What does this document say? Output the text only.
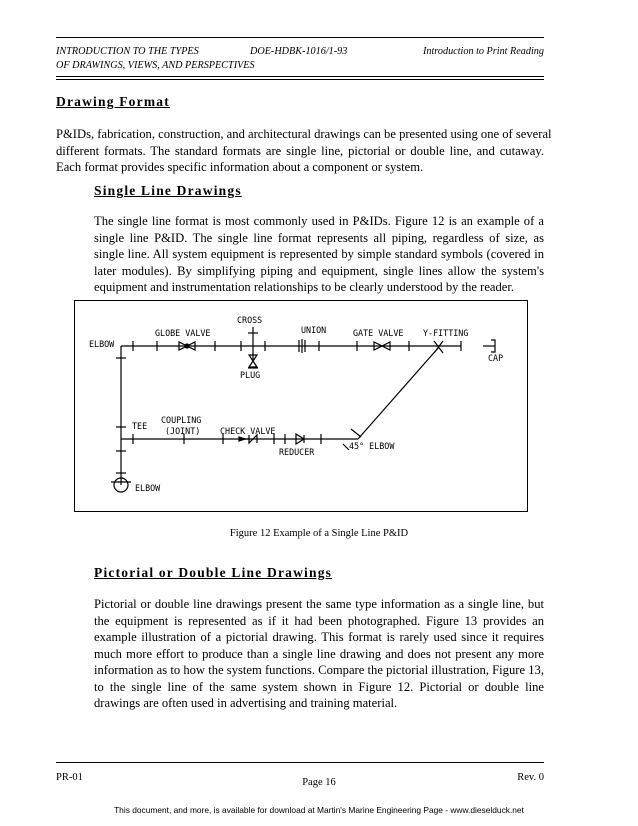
INTRODUCTION TO THE TYPES
OF DRAWINGS, VIEWS, AND PERSPECTIVES
DOE-HDBK-1016/1-93	Introduction to Print Reading
Drawing Format
P&IDs, fabrication, construction, and architectural drawings can be presented using one of several
different formats. The standard formats are single line, pictorial or double line, and cutaway.
Each format provides specific information about a component or system.
Single Line Drawings
The single line format is most commonly used in P&IDs. Figure 12 is an example of a
single line P&ID. The single line format represents all piping, regardless of size, as
single line. All system equipment is represented by simple standard symbols (covered in
later modules). By simplifying piping and equipment, single lines allow the system's
equipment and instrumentation relationships to be clearly understood by the reader.
CROSS
GLOBE VALVE	UNION	GATE VALVE Y-FITTING
ELBOW
CAP
PLUG
COUPLING
(JOINT)
TEE	CHECK VALVE
REDUCER
45° ELBOW
ELBOW
Figure 12 Example of a Single Line P&ID
Pictorial or Double Line Drawings
Pictorial or double line drawings present the same type information as a single line, but
the equipment is represented as if it had been photographed. Figure 13 provides an
example illustration of a pictorial drawing. This format is rarely used since it requires
much more effort to produce than a single line drawing and does not present any more
information as to how the system functions. Compare the pictorial illustration, Figure 13,
to the single line of the same system shown in Figure 12. Pictorial or double line
drawings are often used in advertising and training material.
PR-01	Page 16	Rev. 0
This document, and more, is available for download at Martin's Marine Engineering Page - www.dieselduck.net
